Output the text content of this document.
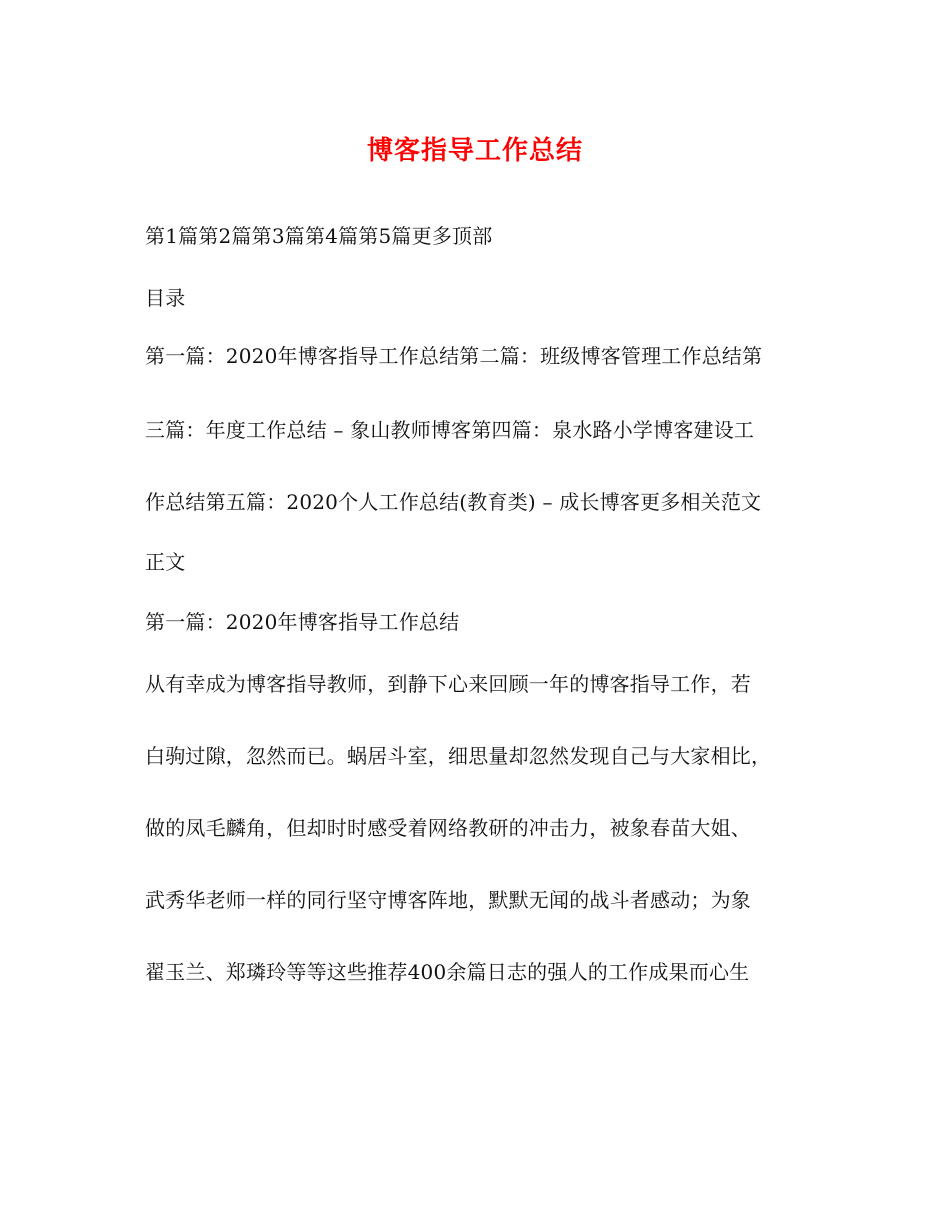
博客指导工作总结
第1篇第2篇第3篇第4篇第5篇更多顶部
目录
第一篇：2020年博客指导工作总结第二篇：班级博客管理工作总结第
三篇：年度工作总结 – 象山教师博客第四篇：泉水路小学博客建设工
作总结第五篇：2020个人工作总结(教育类) – 成长博客更多相关范文
正文
第一篇：2020年博客指导工作总结
从有幸成为博客指导教师，到静下心来回顾一年的博客指导工作，若
白驹过隙，忽然而已。蜗居斗室，细思量却忽然发现自己与大家相比，
做的凤毛麟角，但却时时感受着网络教研的冲击力，被象春苗大姐、
武秀华老师一样的同行坚守博客阵地，默默无闻的战斗者感动；为象
翟玉兰、郑璘玲等等这些推荐400余篇日志的强人的工作成果而心生
